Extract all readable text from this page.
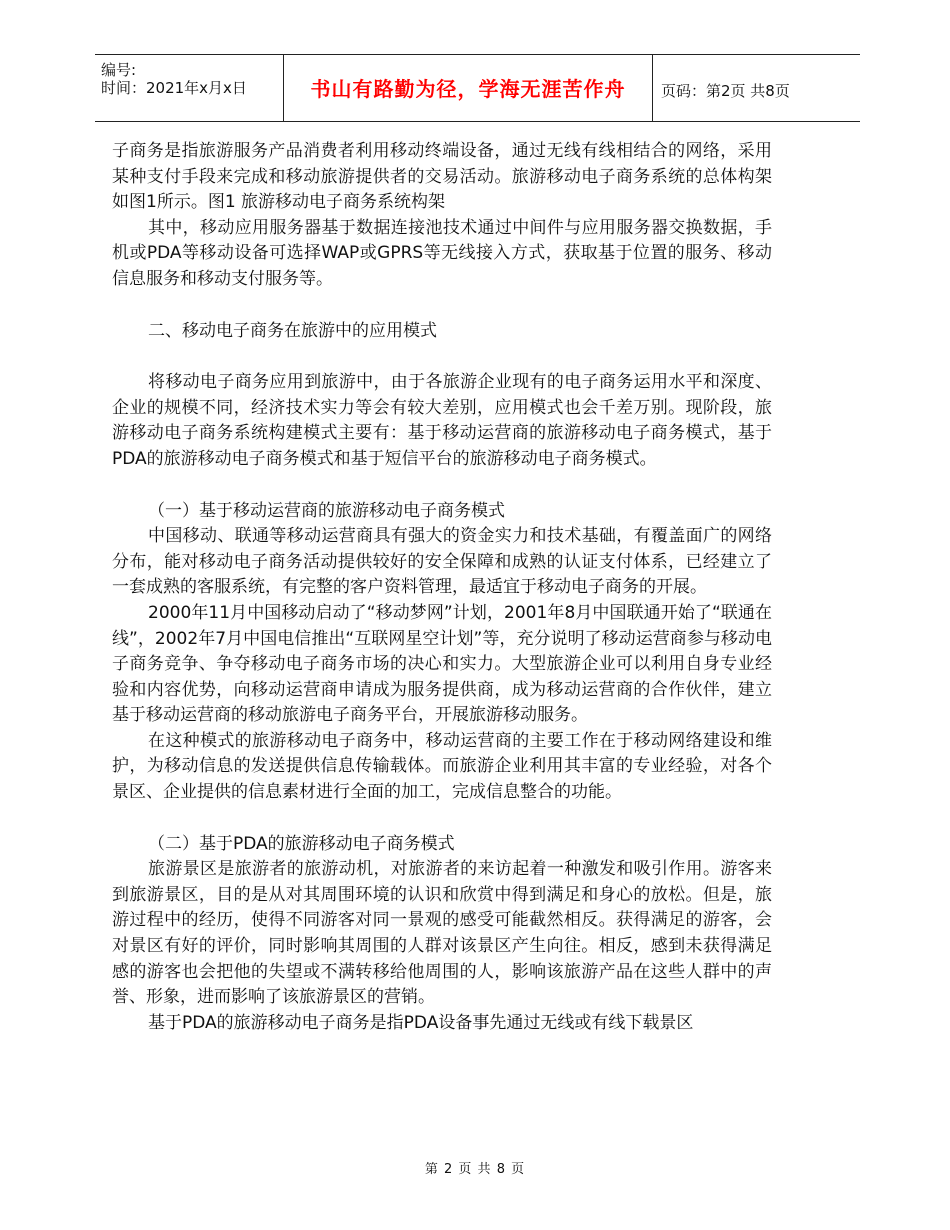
编号:
时间：2021年x月x日	书山有路勤为径，学海无涯苦作舟	页码：第2页 共8页

子商务是指旅游服务产品消费者利用移动终端设备，通过无线有线相结合的网络，采用某种支付手段来完成和移动旅游提供者的交易活动。旅游移动电子商务系统的总体构架如图1所示。图1 旅游移动电子商务系统构架

其中，移动应用服务器基于数据连接池技术通过中间件与应用服务器交换数据，手机或PDA等移动设备可选择WAP或GPRS等无线接入方式，获取基于位置的服务、移动信息服务和移动支付服务等。

二、移动电子商务在旅游中的应用模式

将移动电子商务应用到旅游中，由于各旅游企业现有的电子商务运用水平和深度、企业的规模不同，经济技术实力等会有较大差别，应用模式也会千差万别。现阶段，旅游移动电子商务系统构建模式主要有：基于移动运营商的旅游移动电子商务模式，基于PDA的旅游移动电子商务模式和基于短信平台的旅游移动电子商务模式。

（一）基于移动运营商的旅游移动电子商务模式

中国移动、联通等移动运营商具有强大的资金实力和技术基础，有覆盖面广的网络分布，能对移动电子商务活动提供较好的安全保障和成熟的认证支付体系，已经建立了一套成熟的客服系统，有完整的客户资料管理，最适宜于移动电子商务的开展。

2000年11月中国移动启动了“移动梦网”计划，2001年8月中国联通开始了“联通在线”，2002年7月中国电信推出“互联网星空计划”等，充分说明了移动运营商参与移动电子商务竞争、争夺移动电子商务市场的决心和实力。大型旅游企业可以利用自身专业经验和内容优势，向移动运营商申请成为服务提供商，成为移动运营商的合作伙伴，建立基于移动运营商的移动旅游电子商务平台，开展旅游移动服务。

在这种模式的旅游移动电子商务中，移动运营商的主要工作在于移动网络建设和维护，为移动信息的发送提供信息传输载体。而旅游企业利用其丰富的专业经验，对各个景区、企业提供的信息素材进行全面的加工，完成信息整合的功能。

（二）基于PDA的旅游移动电子商务模式

旅游景区是旅游者的旅游动机，对旅游者的来访起着一种激发和吸引作用。游客来到旅游景区，目的是从对其周围环境的认识和欣赏中得到满足和身心的放松。但是，旅游过程中的经历，使得不同游客对同一景观的感受可能截然相反。获得满足的游客，会对景区有好的评价，同时影响其周围的人群对该景区产生向往。相反，感到未获得满足感的游客也会把他的失望或不满转移给他周围的人，影响该旅游产品在这些人群中的声誉、形象，进而影响了该旅游景区的营销。

基于PDA的旅游移动电子商务是指PDA设备事先通过无线或有线下载景区

第 2 页 共 8 页
